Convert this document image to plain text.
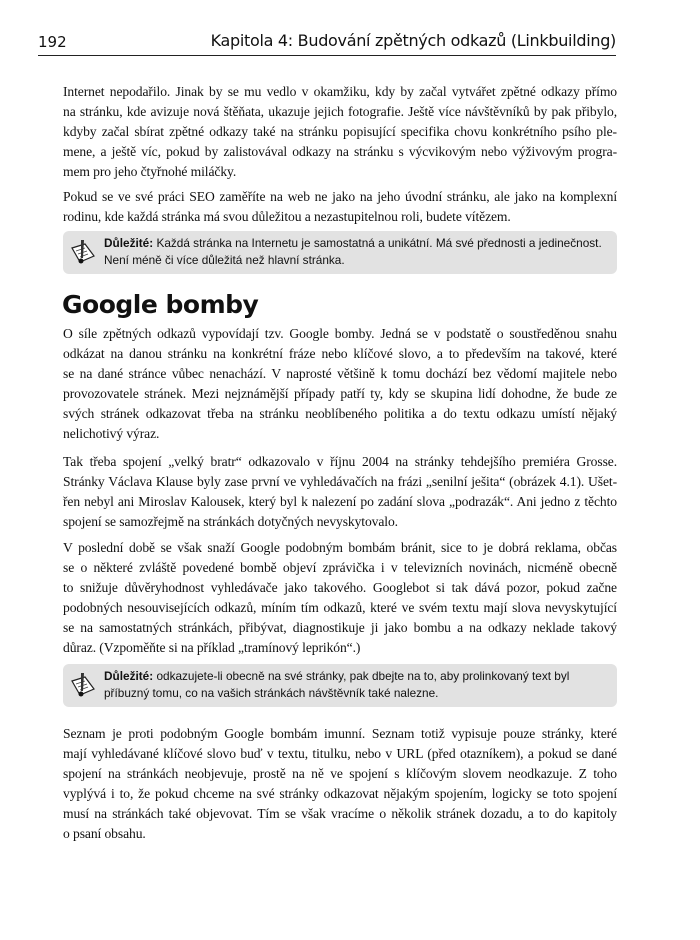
192	Kapitola 4: Budování zpětných odkazů (Linkbuilding)
Internet nepodařilo. Jinak by se mu vedlo v okamžiku, kdy by začal vytvářet zpětné odkazy přímo
na stránku, kde avizuje nová štěňata, ukazuje jejich fotografie. Ještě více návštěvníků by pak přibylo,
kdyby začal sbírat zpětné odkazy také na stránku popisující specifika chovu konkrétního psího ple-
mene, a ještě víc, pokud by zalistovával odkazy na stránku s výcvikovým nebo výživovým progra-
mem pro jeho čtyřnohé miláčky.
Pokud se ve své práci SEO zaměříte na web ne jako na jeho úvodní stránku, ale jako na komplexní
rodinu, kde každá stránka má svou důležitou a nezastupitelnou roli, budete vítězem.
Důležité: Každá stránka na Internetu je samostatná a unikátní. Má své přednosti a jedinečnost. Není méně či více důležitá než hlavní stránka.
Google bomby
O síle zpětných odkazů vypovídají tzv. Google bomby. Jedná se v podstatě o soustředěnou snahu
odkázat na danou stránku na konkrétní fráze nebo klíčové slovo, a to především na takové, které
se na dané stránce vůbec nenachází. V naprosté většině k tomu dochází bez vědomí majitele nebo
provozovatele stránek. Mezi nejznámější případy patří ty, kdy se skupina lidí dohodne, že bude ze
svých stránek odkazovat třeba na stránku neoblíbeného politika a do textu odkazu umístí nějaký
nelichotivý výraz.
Tak třeba spojení „velký bratr“ odkazovalo v říjnu 2004 na stránky tehdejšího premiéra Grosse.
Stránky Václava Klause byly zase první ve vyhledávačích na frázi „senilní ješita“ (obrázek 4.1). Ušet-
řen nebyl ani Miroslav Kalousek, který byl k nalezení po zadání slova „podrazák“. Ani jedno z těchto
spojení se samozřejmě na stránkách dotyčných nevyskytovalo.
V poslední době se však snaží Google podobným bombám bránit, sice to je dobrá reklama, občas
se o některé zvláště povedené bombě objeví zprávička i v televizních novinách, nicméně obecně
to snižuje důvěryhodnost vyhledávače jako takového. Googlebot si tak dává pozor, pokud začne
podobných nesouvisejících odkazů, míním tím odkazů, které ve svém textu mají slova nevyskytující
se na samostatných stránkách, přibývat, diagnostikuje ji jako bombu a na odkazy neklade takový
důraz. (Vzpoměňte si na příklad „tramínový leprikón“.)
Důležité: odkazujete-li obecně na své stránky, pak dbejte na to, aby prolinkovaný text byl příbuzný tomu, co na vašich stránkách návštěvník také nalezne.
Seznam je proti podobným Google bombám imunní. Seznam totiž vypisuje pouze stránky, které
mají vyhledávané klíčové slovo buď v textu, titulku, nebo v URL (před otazníkem), a pokud se dané
spojení na stránkách neobjevuje, prostě na ně ve spojení s klíčovým slovem neodkazuje. Z toho
vyplývá i to, že pokud chceme na své stránky odkazovat nějakým spojením, logicky se toto spojení
musí na stránkách také objevovat. Tím se však vracíme o několik stránek dozadu, a to do kapitoly
o psaní obsahu.
